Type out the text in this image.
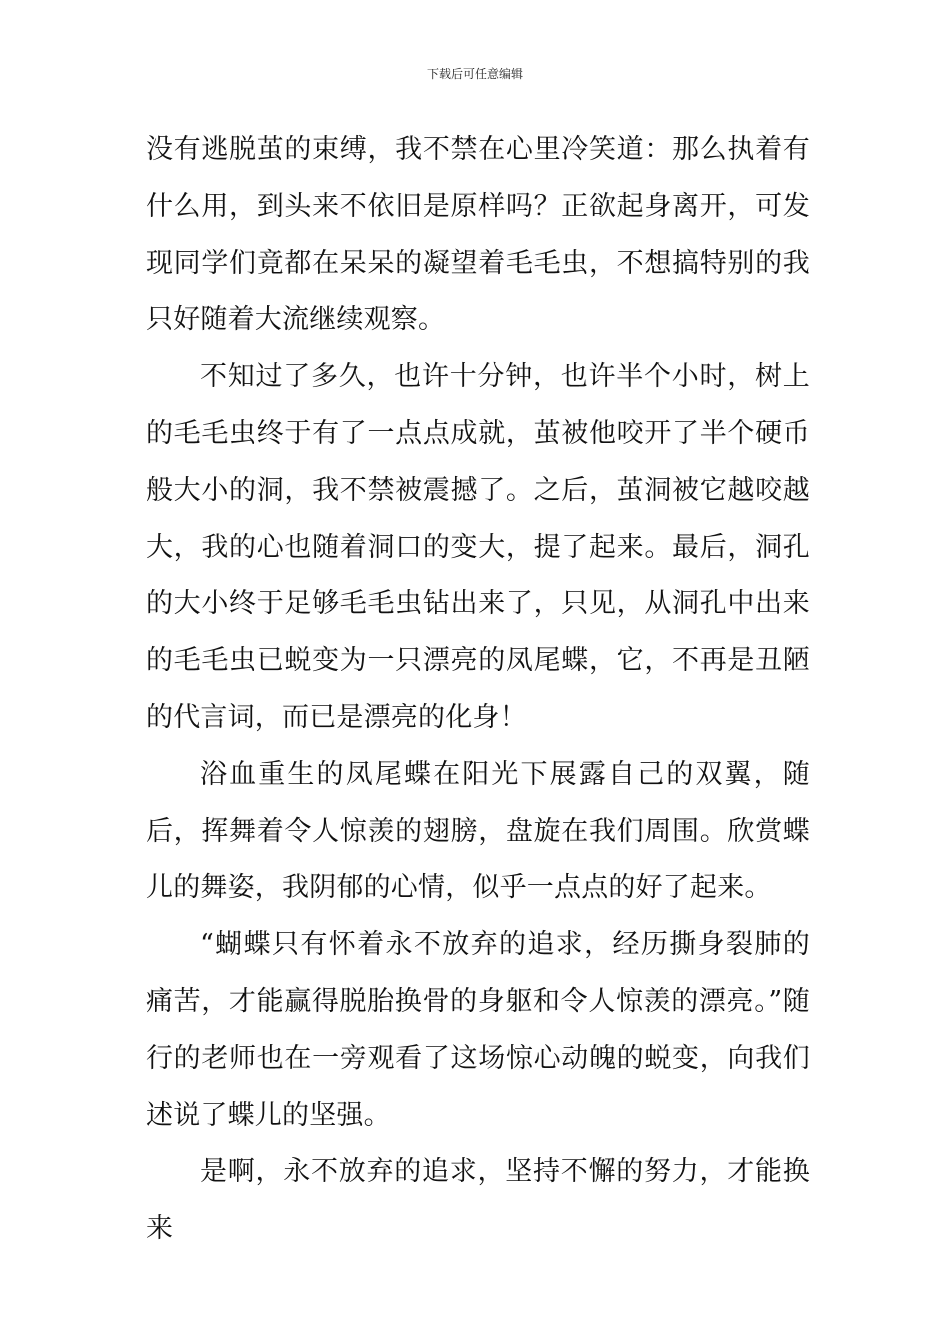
下载后可任意编辑

没有逃脱茧的束缚，我不禁在心里冷笑道：那么执着有什么用，到头来不依旧是原样吗？正欲起身离开，可发现同学们竟都在呆呆的凝望着毛毛虫，不想搞特别的我只好随着大流继续观察。

不知过了多久，也许十分钟，也许半个小时，树上的毛毛虫终于有了一点点成就，茧被他咬开了半个硬币般大小的洞，我不禁被震撼了。之后，茧洞被它越咬越大，我的心也随着洞口的变大，提了起来。最后，洞孔的大小终于足够毛毛虫钻出来了，只见，从洞孔中出来的毛毛虫已蜕变为一只漂亮的凤尾蝶，它，不再是丑陋的代言词，而已是漂亮的化身！

浴血重生的凤尾蝶在阳光下展露自己的双翼，随后，挥舞着令人惊羡的翅膀，盘旋在我们周围。欣赏蝶儿的舞姿，我阴郁的心情，似乎一点点的好了起来。

“蝴蝶只有怀着永不放弃的追求，经历撕身裂肺的痛苦，才能赢得脱胎换骨的身躯和令人惊羡的漂亮。”随行的老师也在一旁观看了这场惊心动魄的蜕变，向我们述说了蝶儿的坚强。

是啊，永不放弃的追求，坚持不懈的努力，才能换来
